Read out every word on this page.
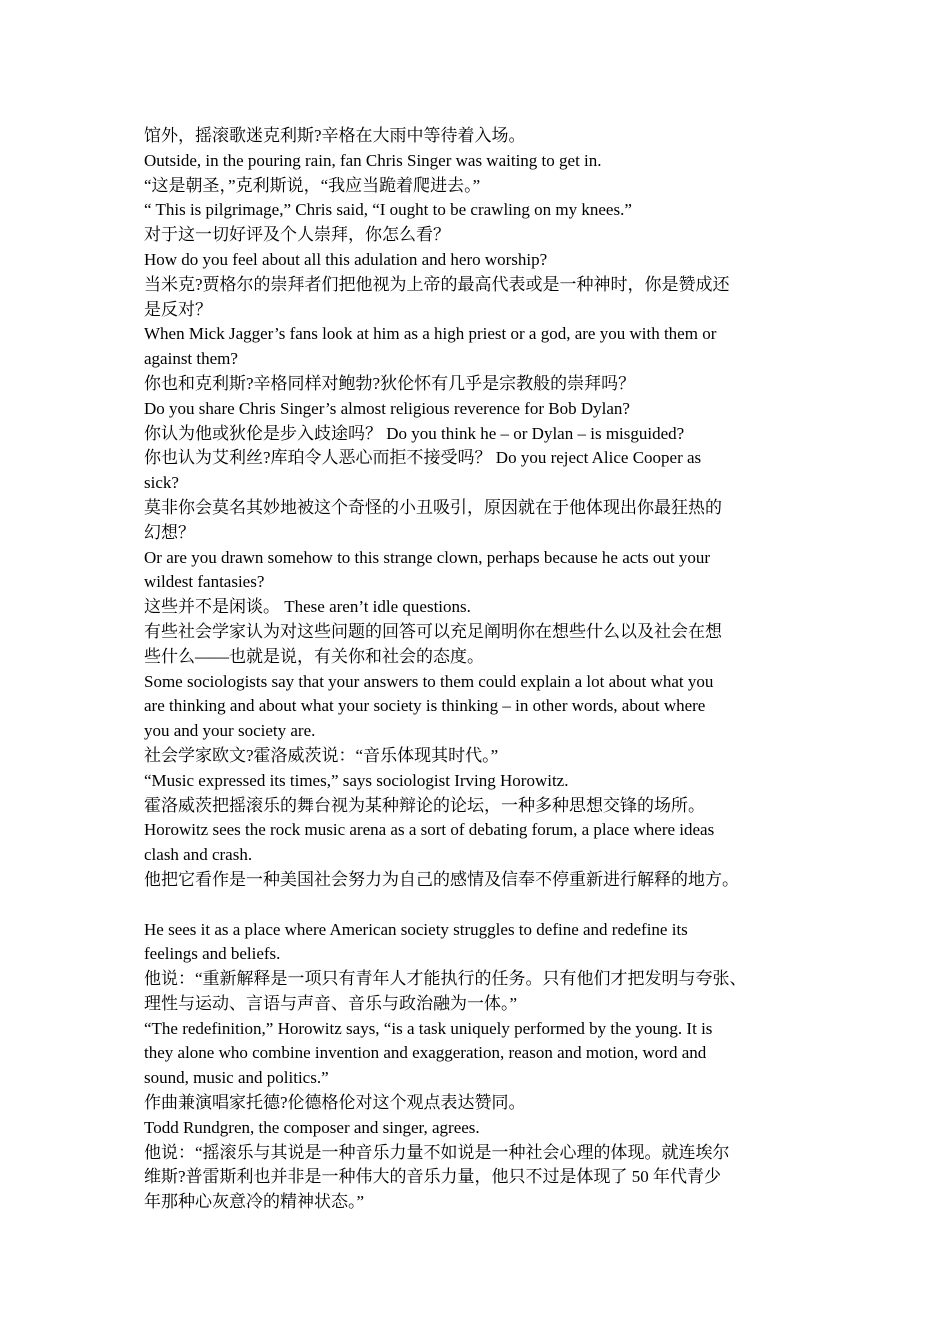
馆外，摇滚歌迷克利斯?辛格在大雨中等待着入场。
Outside, in the pouring rain, fan Chris Singer was waiting to get in.
“这是朝圣，”克利斯说，“我应当跪着爬进去。”
“ This is pilgrimage,” Chris said, “I ought to be crawling on my knees.”
对于这一切好评及个人崇拜，你怎么看？
How do you feel about all this adulation and hero worship?
当米克?贾格尔的崇拜者们把他视为上帝的最高代表或是一种神时，你是赞成还
是反对？
When Mick Jagger’s fans look at him as a high priest or a god, are you with them or
against them?
你也和克利斯?辛格同样对鲍勃?狄伦怀有几乎是宗教般的崇拜吗？
Do you share Chris Singer’s almost religious reverence for Bob Dylan?
你认为他或狄伦是步入歧途吗？ Do you think he – or Dylan – is misguided?
你也认为艾利丝?库珀令人恶心而拒不接受吗？ Do you reject Alice Cooper as
sick?
莫非你会莫名其妙地被这个奇怪的小丑吸引，原因就在于他体现出你最狂热的
幻想？
Or are you drawn somehow to this strange clown, perhaps because he acts out your
wildest fantasies?
这些并不是闲谈。 These aren’t idle questions.
有些社会学家认为对这些问题的回答可以充足阐明你在想些什么以及社会在想
些什么——也就是说，有关你和社会的态度。
Some sociologists say that your answers to them could explain a lot about what you
are thinking and about what your society is thinking – in other words, about where
you and your society are.
社会学家欧文?霍洛威茨说：“音乐体现其时代。”
“Music expressed its times,” says sociologist Irving Horowitz.
霍洛威茨把摇滚乐的舞台视为某种辩论的论坛，一种多种思想交锋的场所。
Horowitz sees the rock music arena as a sort of debating forum, a place where ideas
clash and crash.
他把它看作是一种美国社会努力为自己的感情及信奉不停重新进行解释的地方。
He sees it as a place where American society struggles to define and redefine its
feelings and beliefs.
他说：“重新解释是一项只有青年人才能执行的任务。只有他们才把发明与夸张、
理性与运动、言语与声音、音乐与政治融为一体。”
“The redefinition,” Horowitz says, “is a task uniquely performed by the young. It is
they alone who combine invention and exaggeration, reason and motion, word and
sound, music and politics.”
作曲兼演唱家托德?伦德格伦对这个观点表达赞同。
Todd Rundgren, the composer and singer, agrees.
他说：“摇滚乐与其说是一种音乐力量不如说是一种社会心理的体现。就连埃尔
维斯?普雷斯利也并非是一种伟大的音乐力量，他只不过是体现了 50 年代青少
年那种心灰意冷的精神状态。”
